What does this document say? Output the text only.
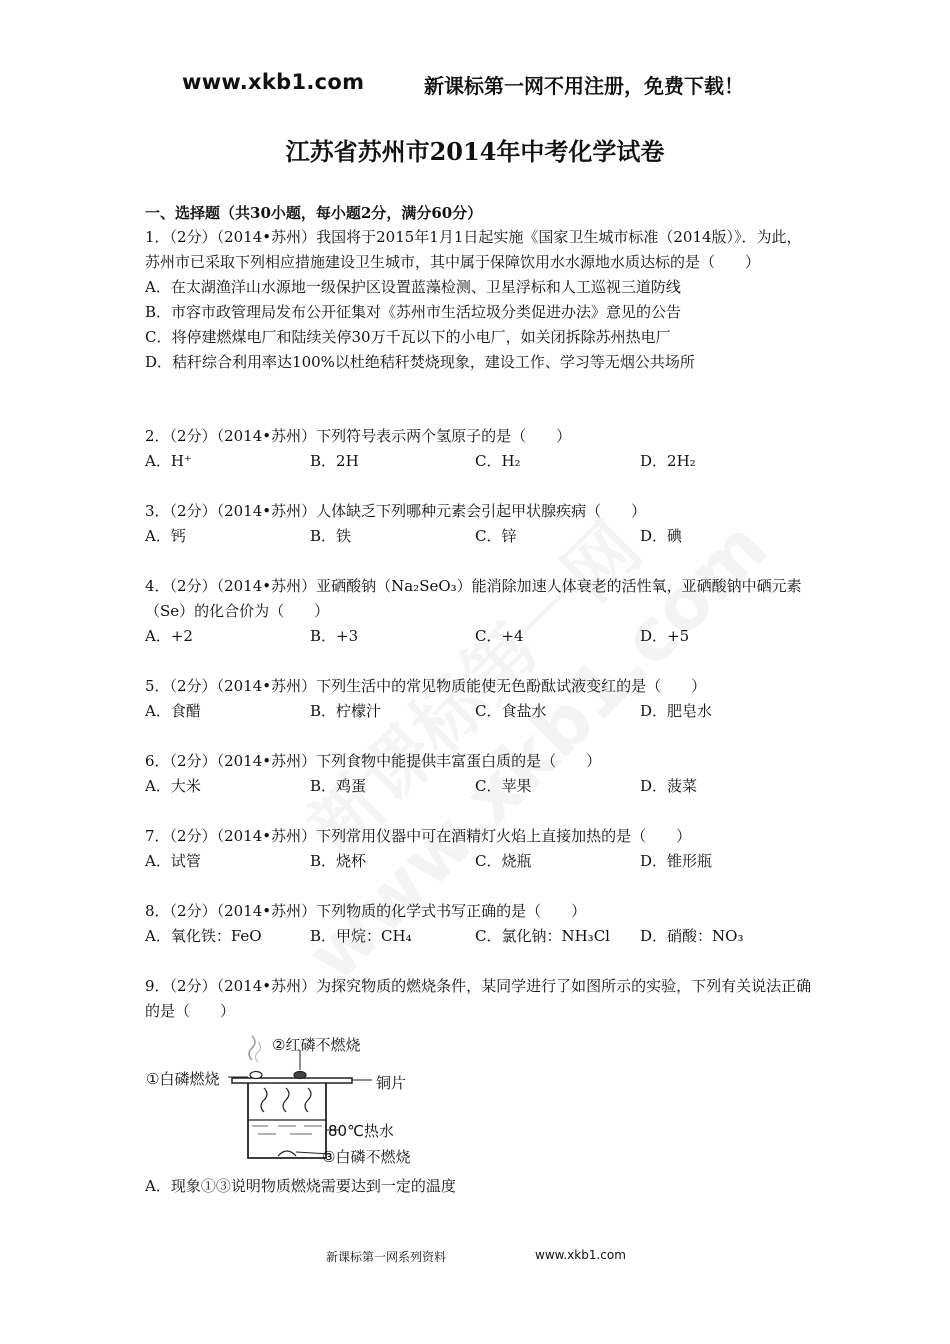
www.xkb1.com	新课标第一网不用注册，免费下载！
江苏省苏州市2014年中考化学试卷
一、选择题（共30小题，每小题2分，满分60分）
1．（2分）（2014•苏州）我国将于2015年1月1日起实施《国家卫生城市标准（2014版）》．为此，苏州市已采取下列相应措施建设卫生城市，其中属于保障饮用水水源地水质达标的是（　　）
A．在太湖渔洋山水源地一级保护区设置蓝藻检测、卫星浮标和人工巡视三道防线
B．市容市政管理局发布公开征集对《苏州市生活垃圾分类促进办法》意见的公告
C．将停建燃煤电厂和陆续关停30万千瓦以下的小电厂，如关闭拆除苏州热电厂
D．秸秆综合利用率达100%以杜绝秸秆焚烧现象，建设工作、学习等无烟公共场所
2．（2分）（2014•苏州）下列符号表示两个氢原子的是（　　）
A．H⁺	B．2H	C．H₂	D．2H₂
3．（2分）（2014•苏州）人体缺乏下列哪种元素会引起甲状腺疾病（　　）
A．钙	B．铁	C．锌	D．碘
4．（2分）（2014•苏州）亚硒酸钠（Na₂SeO₃）能消除加速人体衰老的活性氧，亚硒酸钠中硒元素（Se）的化合价为（　　）
A．+2	B．+3	C．+4	D．+5
5．（2分）（2014•苏州）下列生活中的常见物质能使无色酚酞试液变红的是（　　）
A．食醋	B．柠檬汁	C．食盐水	D．肥皂水
6．（2分）（2014•苏州）下列食物中能提供丰富蛋白质的是（　　）
A．大米	B．鸡蛋	C．苹果	D．菠菜
7．（2分）（2014•苏州）下列常用仪器中可在酒精灯火焰上直接加热的是（　　）
A．试管	B．烧杯	C．烧瓶	D．锥形瓶
8．（2分）（2014•苏州）下列物质的化学式书写正确的是（　　）
A．氧化铁：FeO	B．甲烷：CH₄	C．氯化钠：NH₃Cl	D．硝酸：NO₃
9．（2分）（2014•苏州）为探究物质的燃烧条件，某同学进行了如图所示的实验，下列有关说法正确的是（　　）
①白磷燃烧
②红磷不燃烧
铜片
80℃热水
③白磷不燃烧
A．现象①③说明物质燃烧需要达到一定的温度
新课标第一网系列资料	www.xkb1.com
